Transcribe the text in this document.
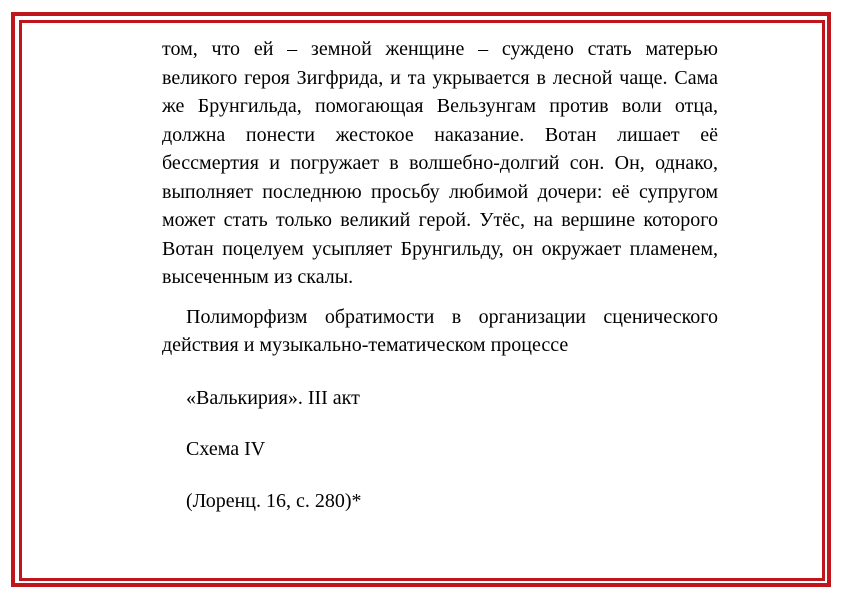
том, что ей – земной женщине – суждено стать матерью великого героя Зигфрида, и та укрывается в лесной чаще. Сама же Брунгильда, помогающая Вельзунгам против воли отца, должна понести жестокое наказание. Вотан лишает её бессмертия и погружает в волшебно-долгий сон. Он, однако, выполняет последнюю просьбу любимой дочери: её супругом может стать только великий герой. Утёс, на вершине которого Вотан поцелуем усыпляет Брунгильду, он окружает пламенем, высеченным из скалы.

Полиморфизм обратимости в организации сценического действия и музыкально-тематическом процессе

«Валькирия». III акт

Схема IV

(Лоренц. 16, с. 280)*
